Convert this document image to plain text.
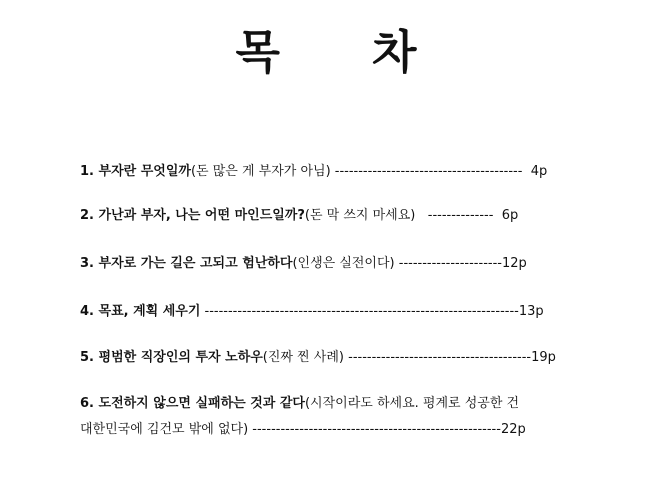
목 차
1. 부자란 무엇일까(돈 많은 게 부자가 아님) ----------------------------------------  4p
2. 가난과 부자, 나는 어떤 마인드일까?(돈 막 쓰지 마세요)   --------------  6p
3. 부자로 가는 길은 고되고 험난하다(인생은 실전이다) ----------------------12p
4. 목표, 계획 세우기 -------------------------------------------------------------------13p
5. 평범한 직장인의 투자 노하우(진짜 찐 사례) ---------------------------------------19p
6. 도전하지 않으면 실패하는 것과 같다(시작이라도 하세요. 평계로 성공한 건
대한민국에 김건모 밖에 없다) -----------------------------------------------------22p
